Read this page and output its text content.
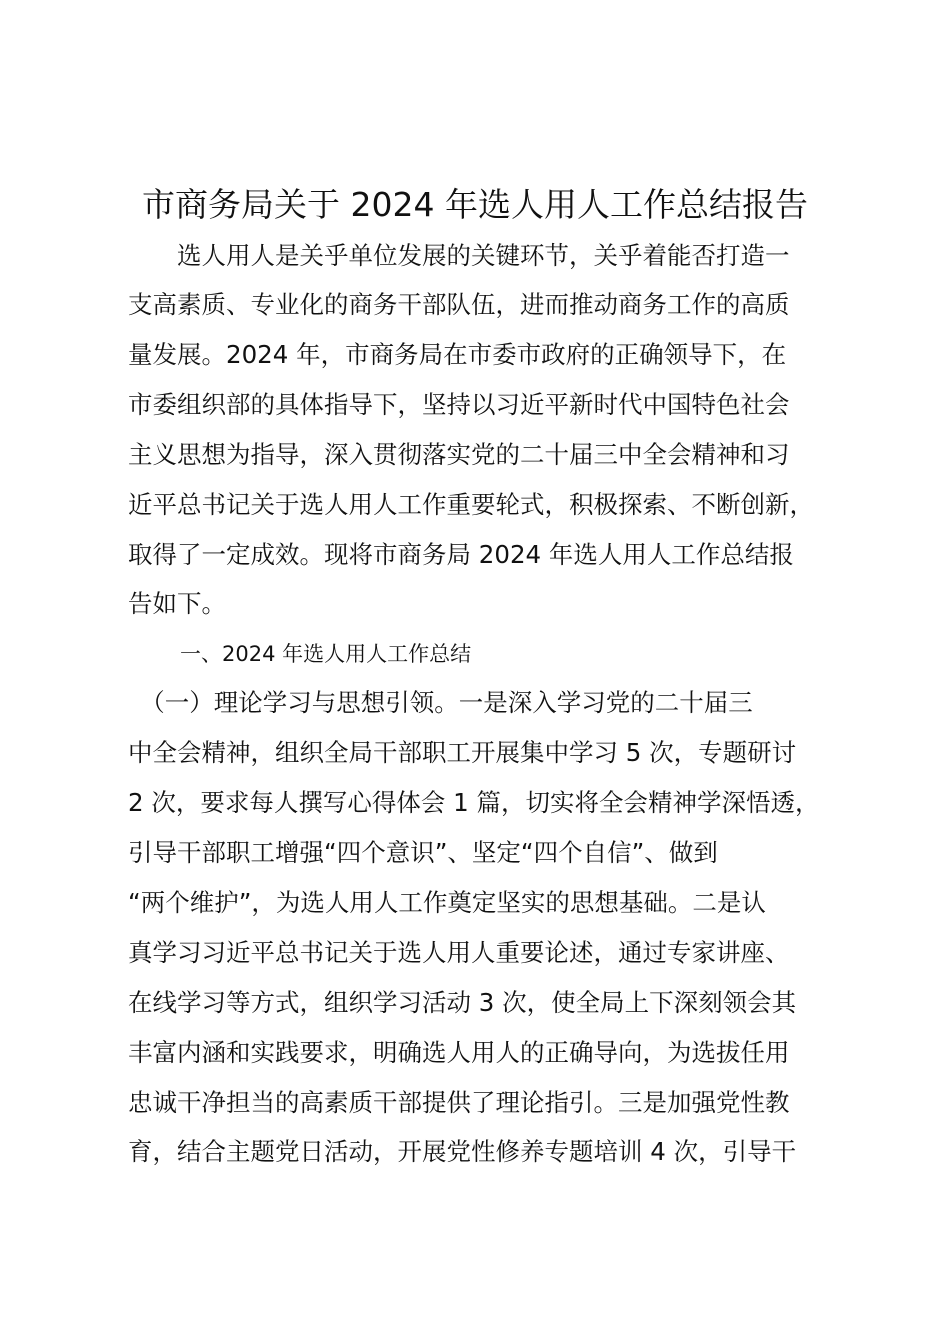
市商务局关于 2024 年选人用人工作总结报告
　　选人用人是关乎单位发展的关键环节，关乎着能否打造一
支高素质、专业化的商务干部队伍，进而推动商务工作的高质
量发展。2024 年，市商务局在市委市政府的正确领导下，在
市委组织部的具体指导下，坚持以习近平新时代中国特色社会
主义思想为指导，深入贯彻落实党的二十届三中全会精神和习
近平总书记关于选人用人工作重要轮式，积极探索、不断创新，
取得了一定成效。现将市商务局 2024 年选人用人工作总结报
告如下。
一、2024 年选人用人工作总结
　（一）理论学习与思想引领。一是深入学习党的二十届三
中全会精神，组织全局干部职工开展集中学习 5 次，专题研讨
2 次，要求每人撰写心得体会 1 篇，切实将全会精神学深悟透，
引导干部职工增强“四个意识”、坚定“四个自信”、做到
“两个维护”，为选人用人工作奠定坚实的思想基础。二是认
真学习习近平总书记关于选人用人重要论述，通过专家讲座、
在线学习等方式，组织学习活动 3 次，使全局上下深刻领会其
丰富内涵和实践要求，明确选人用人的正确导向，为选拔任用
忠诚干净担当的高素质干部提供了理论指引。三是加强党性教
育，结合主题党日活动，开展党性修养专题培训 4 次，引导干
